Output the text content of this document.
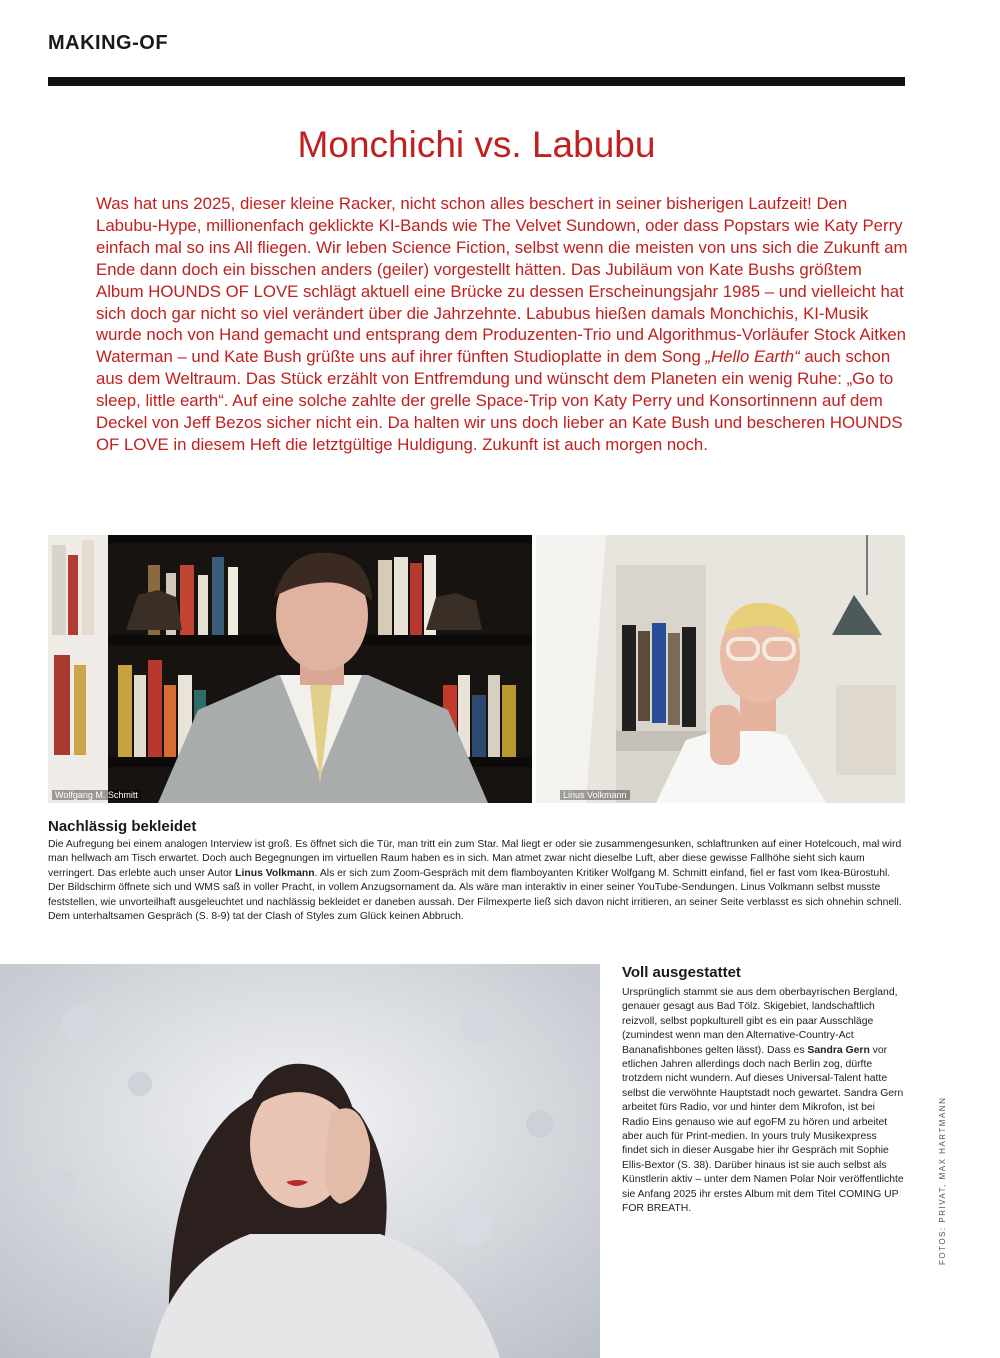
MAKING-OF
Monchichi vs. Labubu

Was hat uns 2025, dieser kleine Racker, nicht schon alles beschert in seiner bisherigen Laufzeit! Den Labubu-Hype, millionenfach geklickte KI-Bands wie The Velvet Sundown, oder dass Popstars wie Katy Perry einfach mal so ins All fliegen. Wir leben Science Fiction, selbst wenn die meisten von uns sich die Zukunft am Ende dann doch ein bisschen anders (geiler) vorgestellt hätten. Das Jubiläum von Kate Bushs größtem Album HOUNDS OF LOVE schlägt aktuell eine Brücke zu dessen Erscheinungsjahr 1985 – und vielleicht hat sich doch gar nicht so viel verändert über die Jahrzehnte. Labubus hießen damals Monchichis, KI-Musik wurde noch von Hand gemacht und entsprang dem Produzenten-Trio und Algorithmus-Vorläufer Stock Aitken Waterman – und Kate Bush grüßte uns auf ihrer fünften Studioplatte in dem Song „Hello Earth“ auch schon aus dem Weltraum. Das Stück erzählt von Entfremdung und wünscht dem Planeten ein wenig Ruhe: „Go to sleep, little earth“. Auf eine solche zahlte der grelle Space-Trip von Katy Perry und Konsortinnenn auf dem Deckel von Jeff Bezos sicher nicht ein. Da halten wir uns doch lieber an Kate Bush und bescheren HOUNDS OF LOVE in diesem Heft die letztgültige Huldigung. Zukunft ist auch morgen noch.

Wolfgang M. Schmitt	Linus Volkmann
Nachlässig bekleidet

Die Aufregung bei einem analogen Interview ist groß. Es öffnet sich die Tür, man tritt ein zum Star. Mal liegt er oder sie zusammengesunken, schlaftrunken auf einer Hotelcouch, mal wird man hellwach am Tisch erwartet. Doch auch Begegnungen im virtuellen Raum haben es in sich. Man atmet zwar nicht dieselbe Luft, aber diese gewisse Fallhöhe sieht sich kaum verringert. Das erlebte auch unser Autor Linus Volkmann. Als er sich zum Zoom-Gespräch mit dem flamboyanten Kritiker Wolfgang M. Schmitt einfand, fiel er fast vom Ikea-Bürostuhl. Der Bildschirm öffnete sich und WMS saß in voller Pracht, in vollem Anzugsornament da. Als wäre man interaktiv in einer seiner YouTube-Sendungen. Linus Volkmann selbst musste feststellen, wie unvorteilhaft ausgeleuchtet und nachlässig bekleidet er daneben aussah. Der Filmexperte ließ sich davon nicht irritieren, an seiner Seite verblasst es sich ohnehin schnell. Dem unterhaltsamen Gespräch (S. 8-9) tat der Clash of Styles zum Glück keinen Abbruch.

Voll ausgestattet

Ursprünglich stammt sie aus dem oberbayrischen Bergland, genauer gesagt aus Bad Tölz. Skigebiet, landschaftlich reizvoll, selbst popkulturell gibt es ein paar Ausschläge (zumindest wenn man den Alternative-Country-Act Bananafishbones gelten lässt). Dass es Sandra Gern vor etlichen Jahren allerdings doch nach Berlin zog, dürfte trotzdem nicht wundern. Auf dieses Universal-Talent hatte selbst die verwöhnte Hauptstadt noch gewartet. Sandra Gern arbeitet fürs Radio, vor und hinter dem Mikrofon, ist bei Radio Eins genauso wie auf egoFM zu hören und arbeitet aber auch für Print-medien. In yours truly Musikexpress findet sich in dieser Ausgabe hier ihr Gespräch mit Sophie Ellis-Bextor (S. 38). Darüber hinaus ist sie auch selbst als Künstlerin aktiv – unter dem Namen Polar Noir veröffentlichte sie Anfang 2025 ihr erstes Album mit dem Titel COMING UP FOR BREATH.	FOTOS: PRIVAT, MAX HARTMANN
